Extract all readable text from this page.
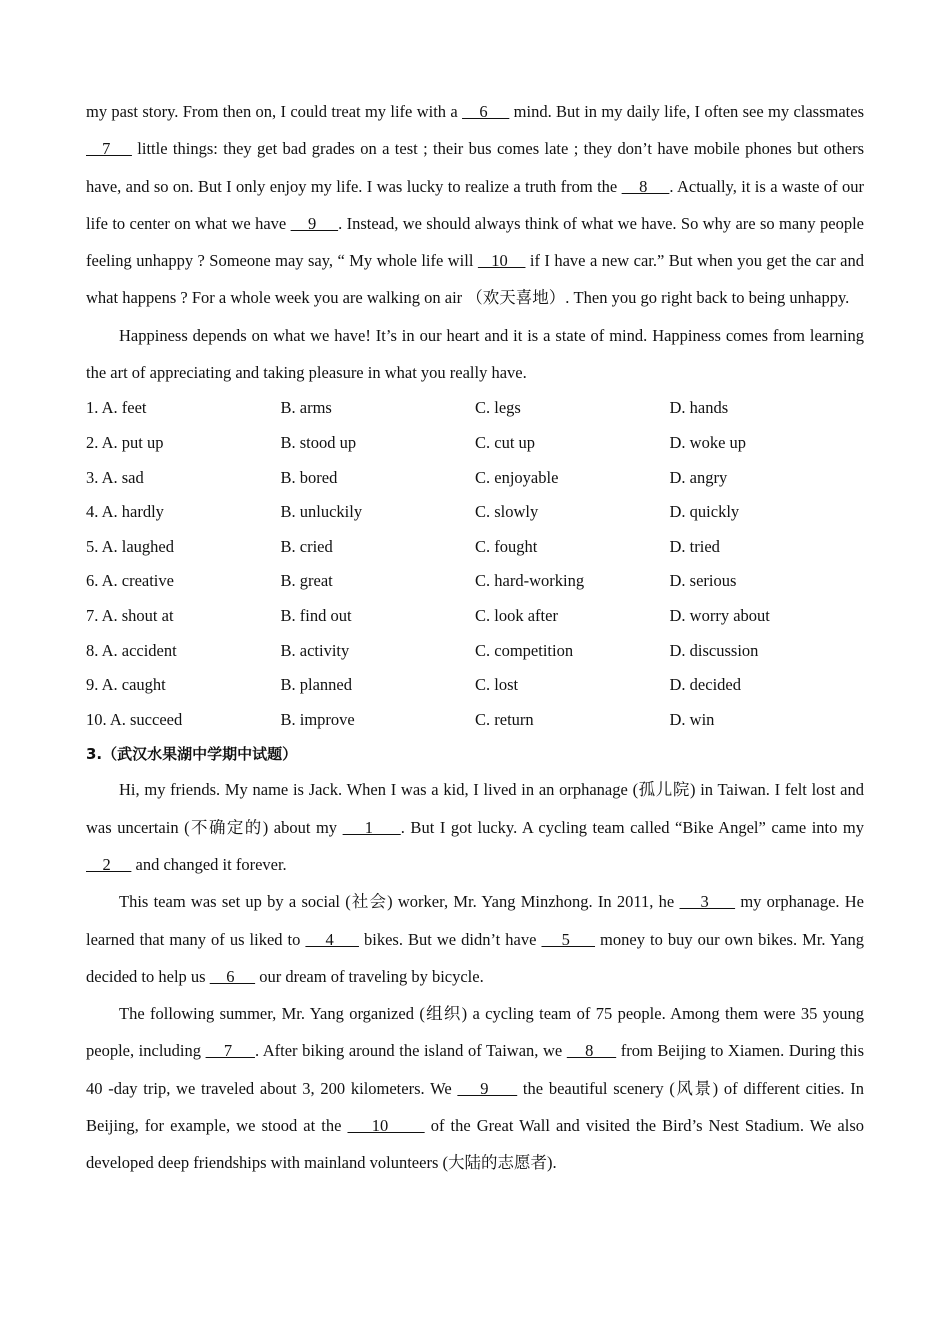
my past story. From then on, I could treat my life with a     6      mind. But in my daily life, I often see my classmates    7     little things: they get bad grades on a test ; their bus comes late ; they don’t have mobile phones but others have, and so on. But I only enjoy my life. I was lucky to realize a truth from the     8     . Actually, it is a waste of our life to center on what we have     9     . Instead, we should always think of what we have. So why are so many people feeling unhappy ? Someone may say, “ My whole life will    10     if I have a new car.” But when you get the car and what happens ? For a whole week you are walking on air （欢天喜地）. Then you go right back to being unhappy.

Happiness depends on what we have! It’s in our heart and it is a state of mind. Happiness comes from learning the art of appreciating and taking pleasure in what you really have.

1. A. feet	B. arms	C. legs	D. hands
2. A. put up	B. stood up	C. cut up	D. woke up
3. A. sad	B. bored	C. enjoyable	D. angry
4. A. hardly	B. unluckily	C. slowly	D. quickly
5. A. laughed	B. cried	C. fought	D. tried
6. A. creative	B. great	C. hard-working	D. serious
7. A. shout at	B. find out	C. look after	D. worry about
8. A. accident	B. activity	C. competition	D. discussion
9. A. caught	B. planned	C. lost	D. decided
10. A. succeed	B. improve	C. return	D. win
3.（武汉水果湖中学期中试题）

Hi, my friends. My name is Jack. When I was a kid, I lived in an orphanage (孤儿院) in Taiwan. I felt lost and was uncertain (不确定的) about my     1     . But I got lucky. A cycling team called “Bike Angel” came into my     2      and changed it forever.

This team was set up by a social (社会) worker, Mr. Yang Minzhong. In 2011, he     3      my orphanage. He learned that many of us liked to     4      bikes. But we didn’t have     5      money to buy our own bikes. Mr. Yang decided to help us     6      our dream of traveling by bicycle.

The following summer, Mr. Yang organized (组织) a cycling team of 75 people. Among them were 35 young people, including     7     . After biking around the island of Taiwan, we     8      from Beijing to Xiamen. During this 40 -day trip, we traveled about 3, 200 kilometers. We     9      the beautiful scenery (风景) of different cities. In Beijing, for example, we stood at the     10       of the Great Wall and visited the Bird’s Nest Stadium. We also developed deep friendships with mainland volunteers (大陆的志愿者).
